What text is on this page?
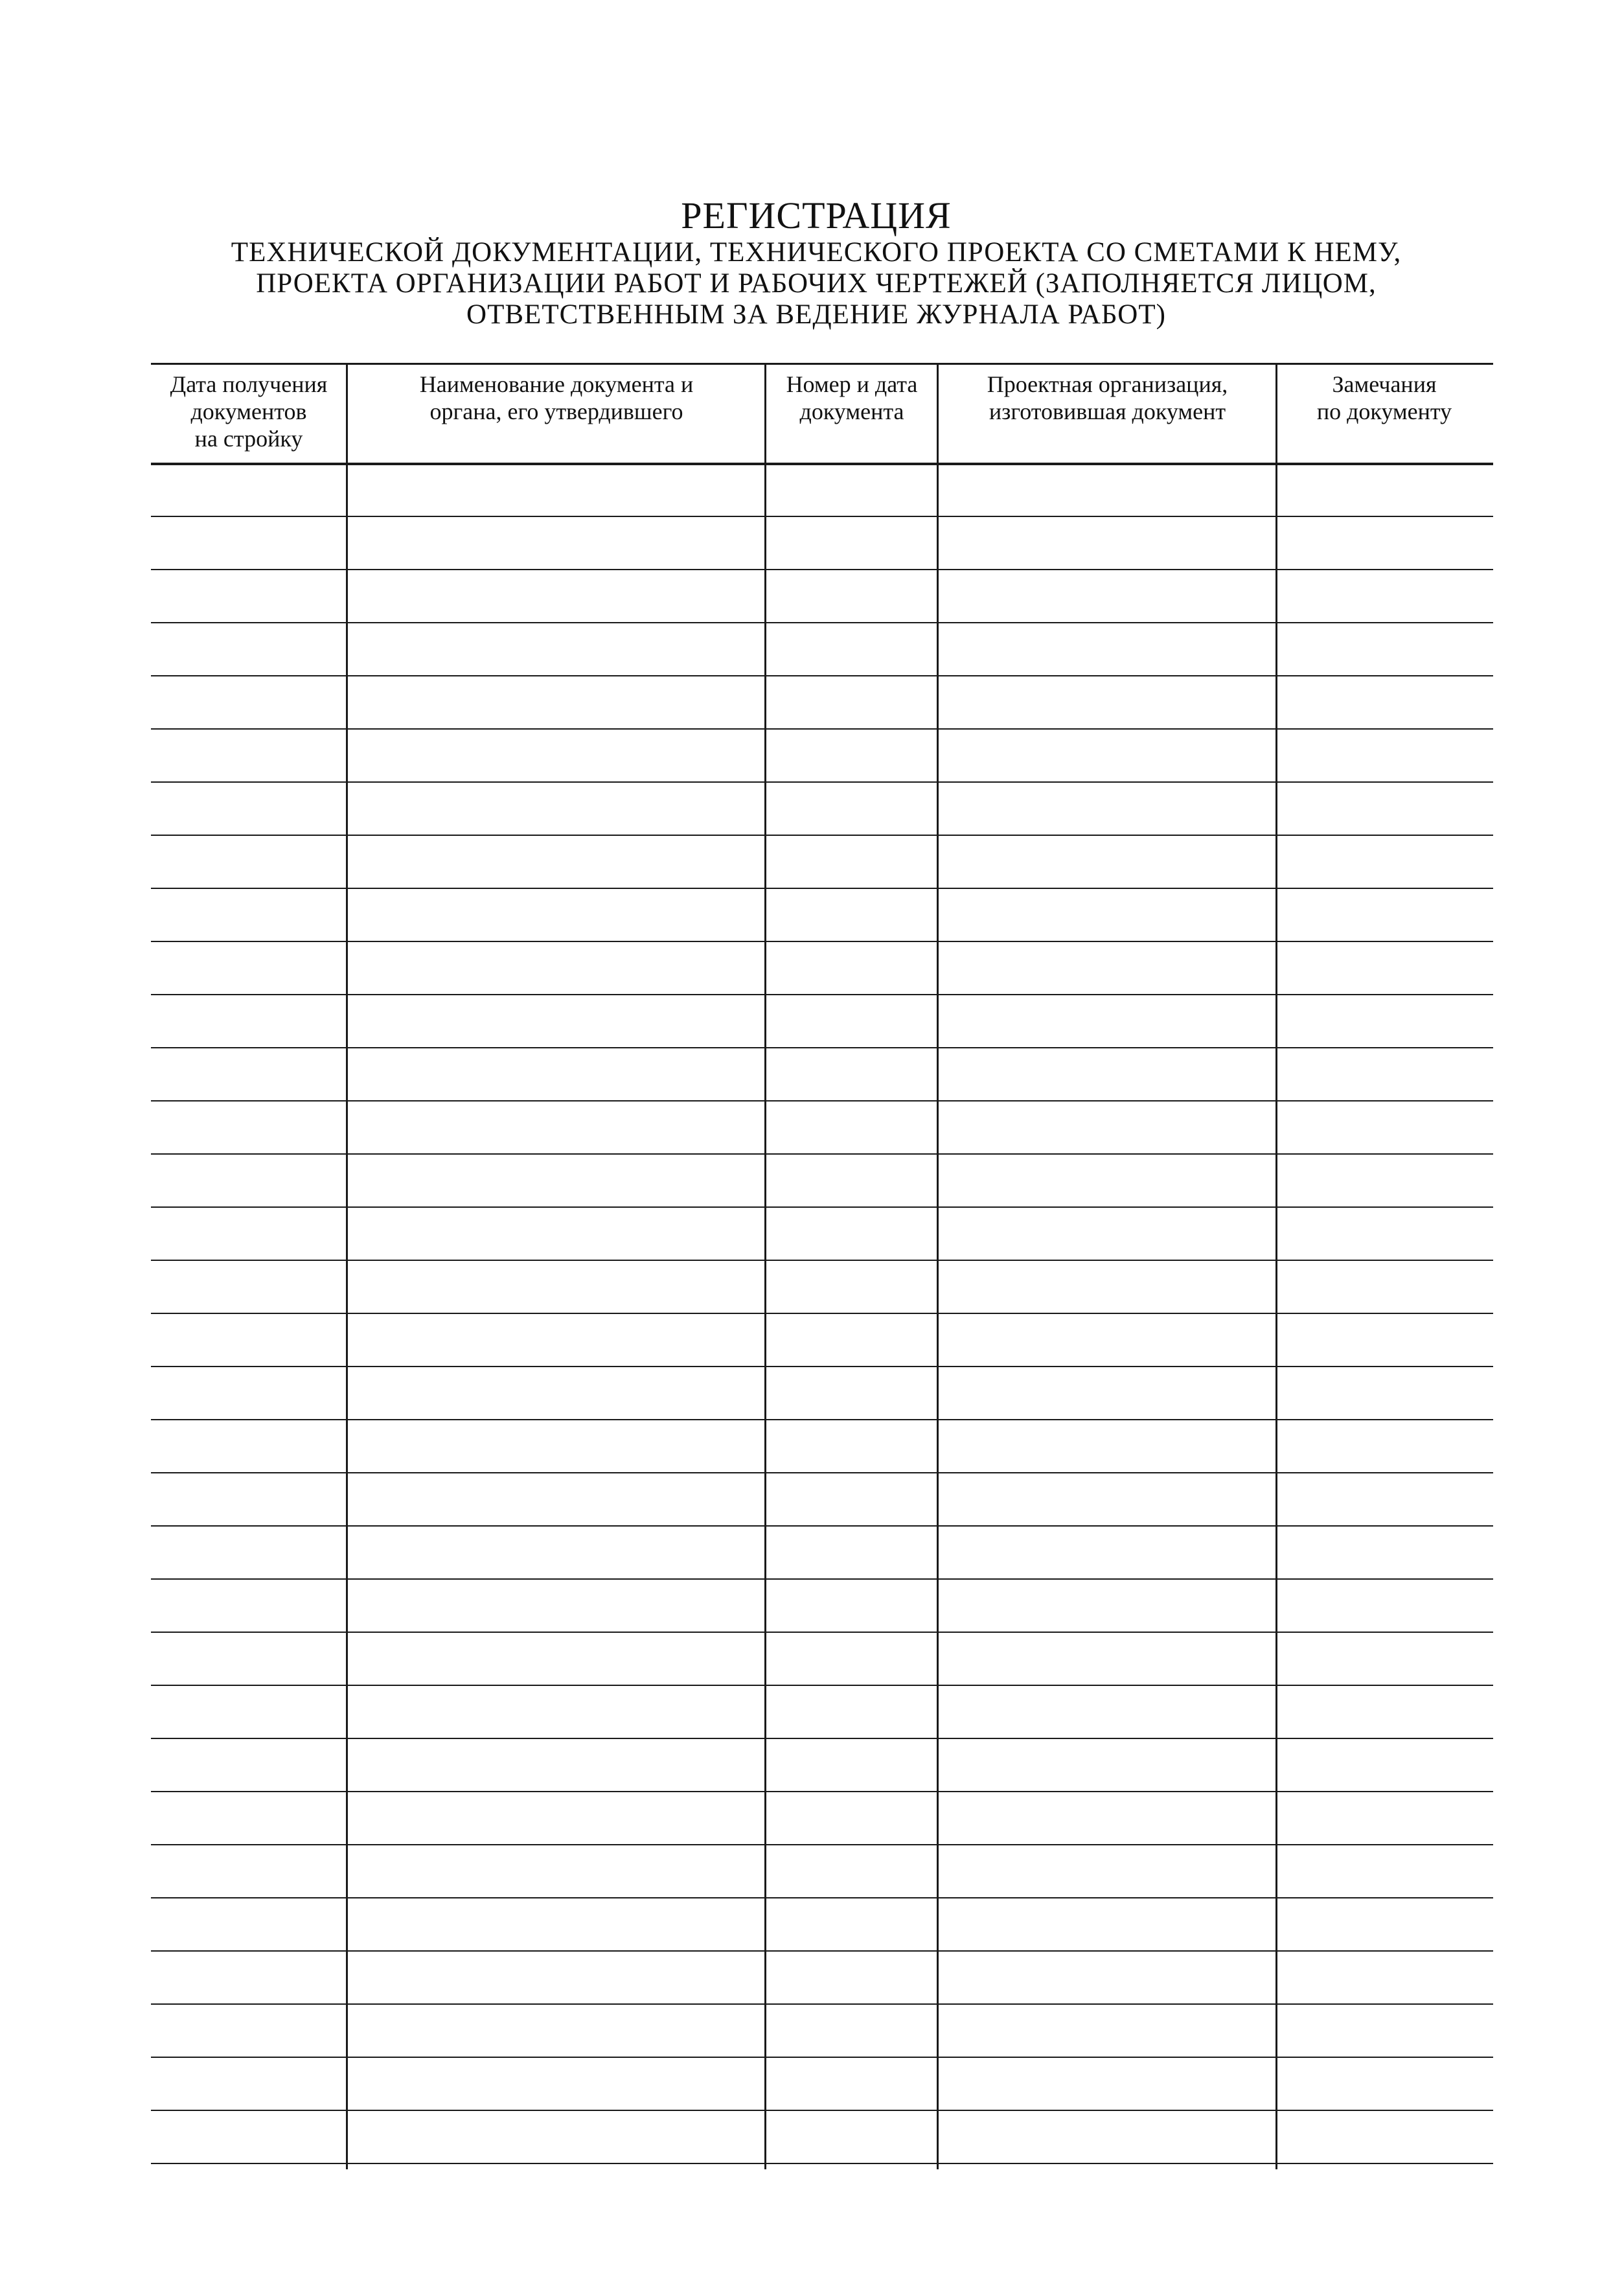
РЕГИСТРАЦИЯ
ТЕХНИЧЕСКОЙ ДОКУМЕНТАЦИИ, ТЕХНИЧЕСКОГО ПРОЕКТА СО СМЕТАМИ К НЕМУ,
ПРОЕКТА ОРГАНИЗАЦИИ РАБОТ И РАБОЧИХ ЧЕРТЕЖЕЙ (ЗАПОЛНЯЕТСЯ ЛИЦОМ,
ОТВЕТСТВЕННЫМ ЗА ВЕДЕНИЕ ЖУРНАЛА РАБОТ)
Дата получения
документов
на стройку
Наименование документа и
органа, его утвердившего
Номер и дата
документа
Проектная организация,
изготовившая документ
Замечания
по документу
